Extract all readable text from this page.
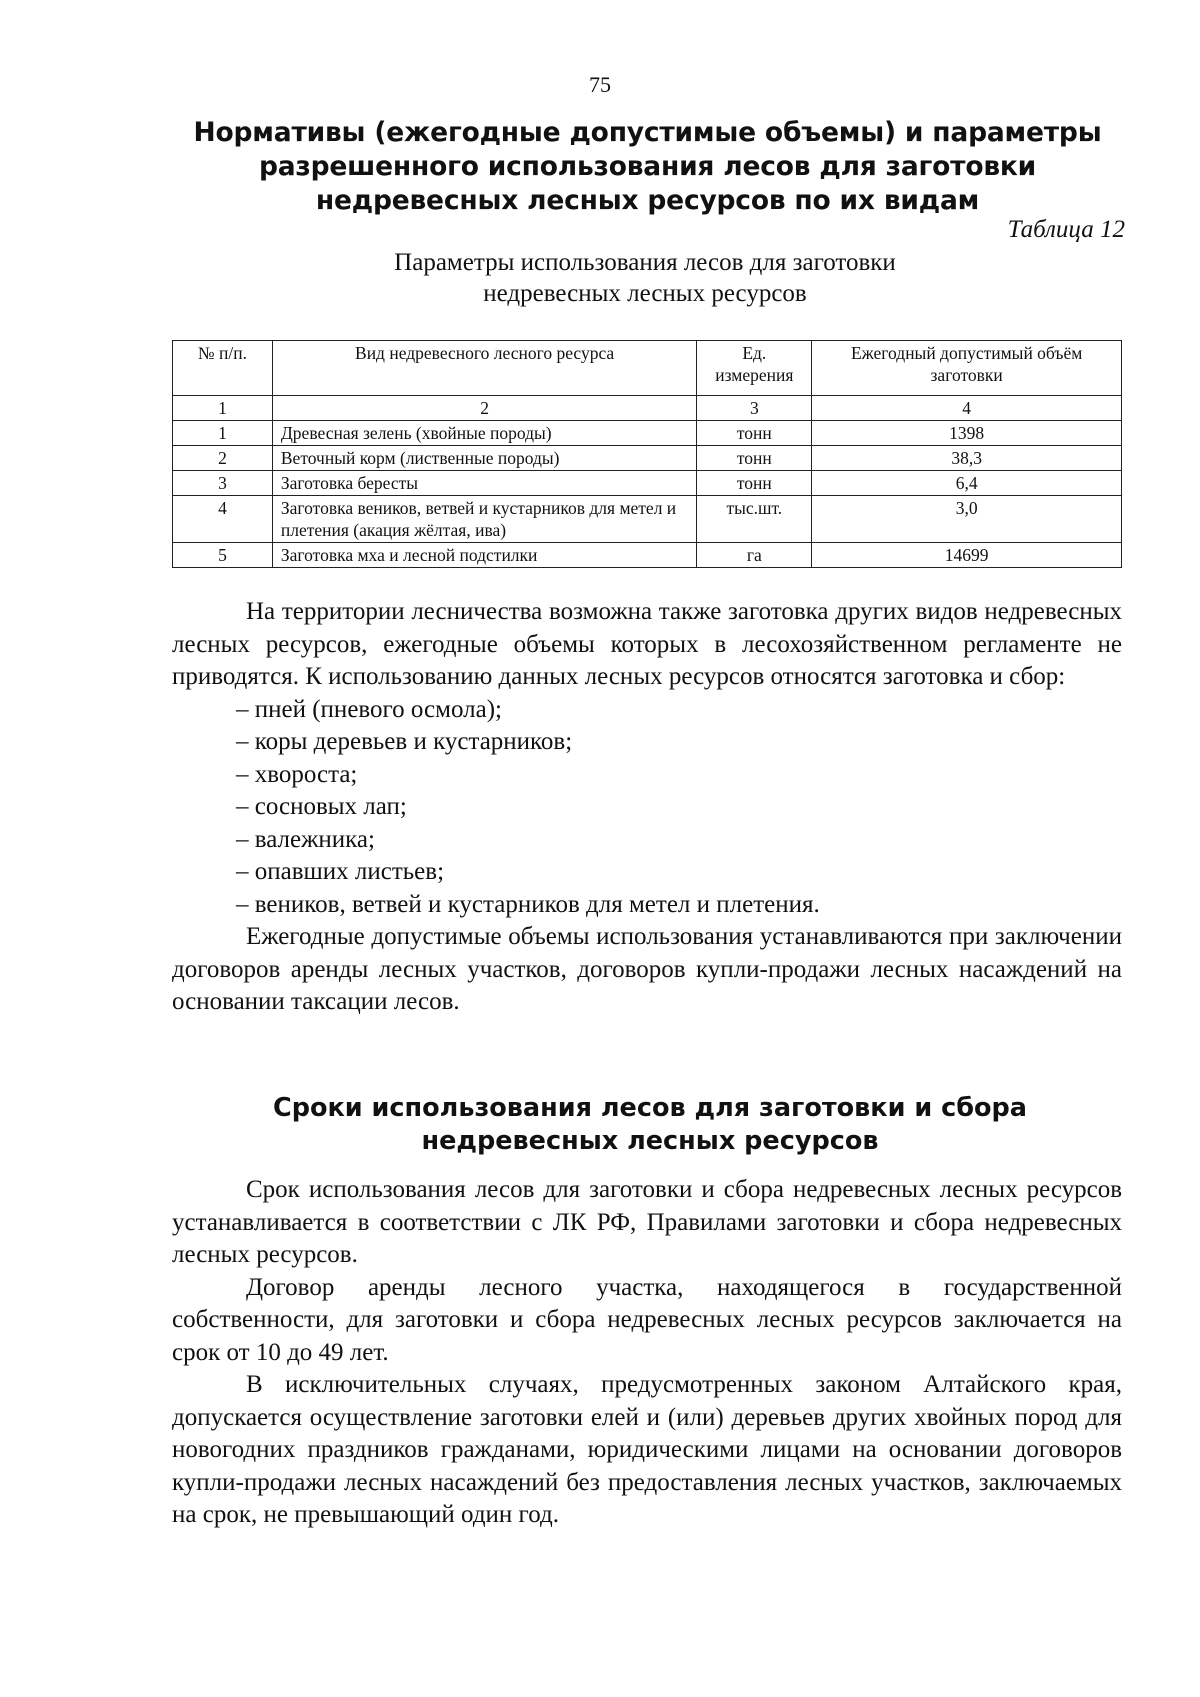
75
Нормативы (ежегодные допустимые объемы) и параметры разрешенного использования лесов для заготовки недревесных лесных ресурсов по их видам
Таблица 12
Параметры использования лесов для заготовки
недревесных лесных ресурсов
№ п/п.	Вид недревесного лесного ресурса	Ед. измерения	Ежегодный допустимый объём заготовки
1	2	3	4
1	Древесная зелень (хвойные породы)	тонн	1398
2	Веточный корм (лиственные породы)	тонн	38,3
3	Заготовка бересты	тонн	6,4
4	Заготовка веников, ветвей и кустарников для метел и плетения (акация жёлтая, ива)	тыс.шт.	3,0
5	Заготовка мха и лесной подстилки	га	14699

На территории лесничества возможна также заготовка других видов недревесных лесных ресурсов, ежегодные объемы которых в лесохозяйственном регламенте не приводятся. К использованию данных лесных ресурсов относятся заготовка и сбор:

– пней (пневого осмола);
– коры деревьев и кустарников;
– хвороста;
– сосновых лап;
– валежника;
– опавших листьев;
– веников, ветвей и кустарников для метел и плетения.

Ежегодные допустимые объемы использования устанавливаются при заключении договоров аренды лесных участков, договоров купли-продажи лесных насаждений на основании таксации лесов.

Сроки использования лесов для заготовки и сбора
недревесных лесных ресурсов

Срок использования лесов для заготовки и сбора недревесных лесных ресурсов устанавливается в соответствии с ЛК РФ, Правилами заготовки и сбора недревесных лесных ресурсов.

Договор аренды лесного участка, находящегося в государственной собственности, для заготовки и сбора недревесных лесных ресурсов заключается на срок от 10 до 49 лет.

В исключительных случаях, предусмотренных законом Алтайского края, допускается осуществление заготовки елей и (или) деревьев других хвойных пород для новогодних праздников гражданами, юридическими лицами на основании договоров купли-продажи лесных насаждений без предоставления лесных участков, заключаемых на срок, не превышающий один год.
